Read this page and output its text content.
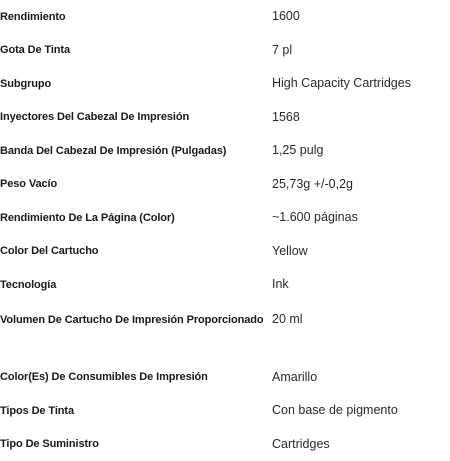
Rendimiento	1600
Gota De Tinta	7 pl
Subgrupo	High Capacity Cartridges
Inyectores Del Cabezal De Impresión	1568
Banda Del Cabezal De Impresión (Pulgadas)	1,25 pulg
Peso Vacío	25,73g +/-0,2g
Rendimiento De La Página (Color)	~1.600 páginas
Color Del Cartucho	Yellow
Tecnología	Ink
Volumen De Cartucho De Impresión Proporcionado	20 ml
Color(Es) De Consumibles De Impresión	Amarillo
Tipos De Tinta	Con base de pigmento
Tipo De Suministro	Cartridges
